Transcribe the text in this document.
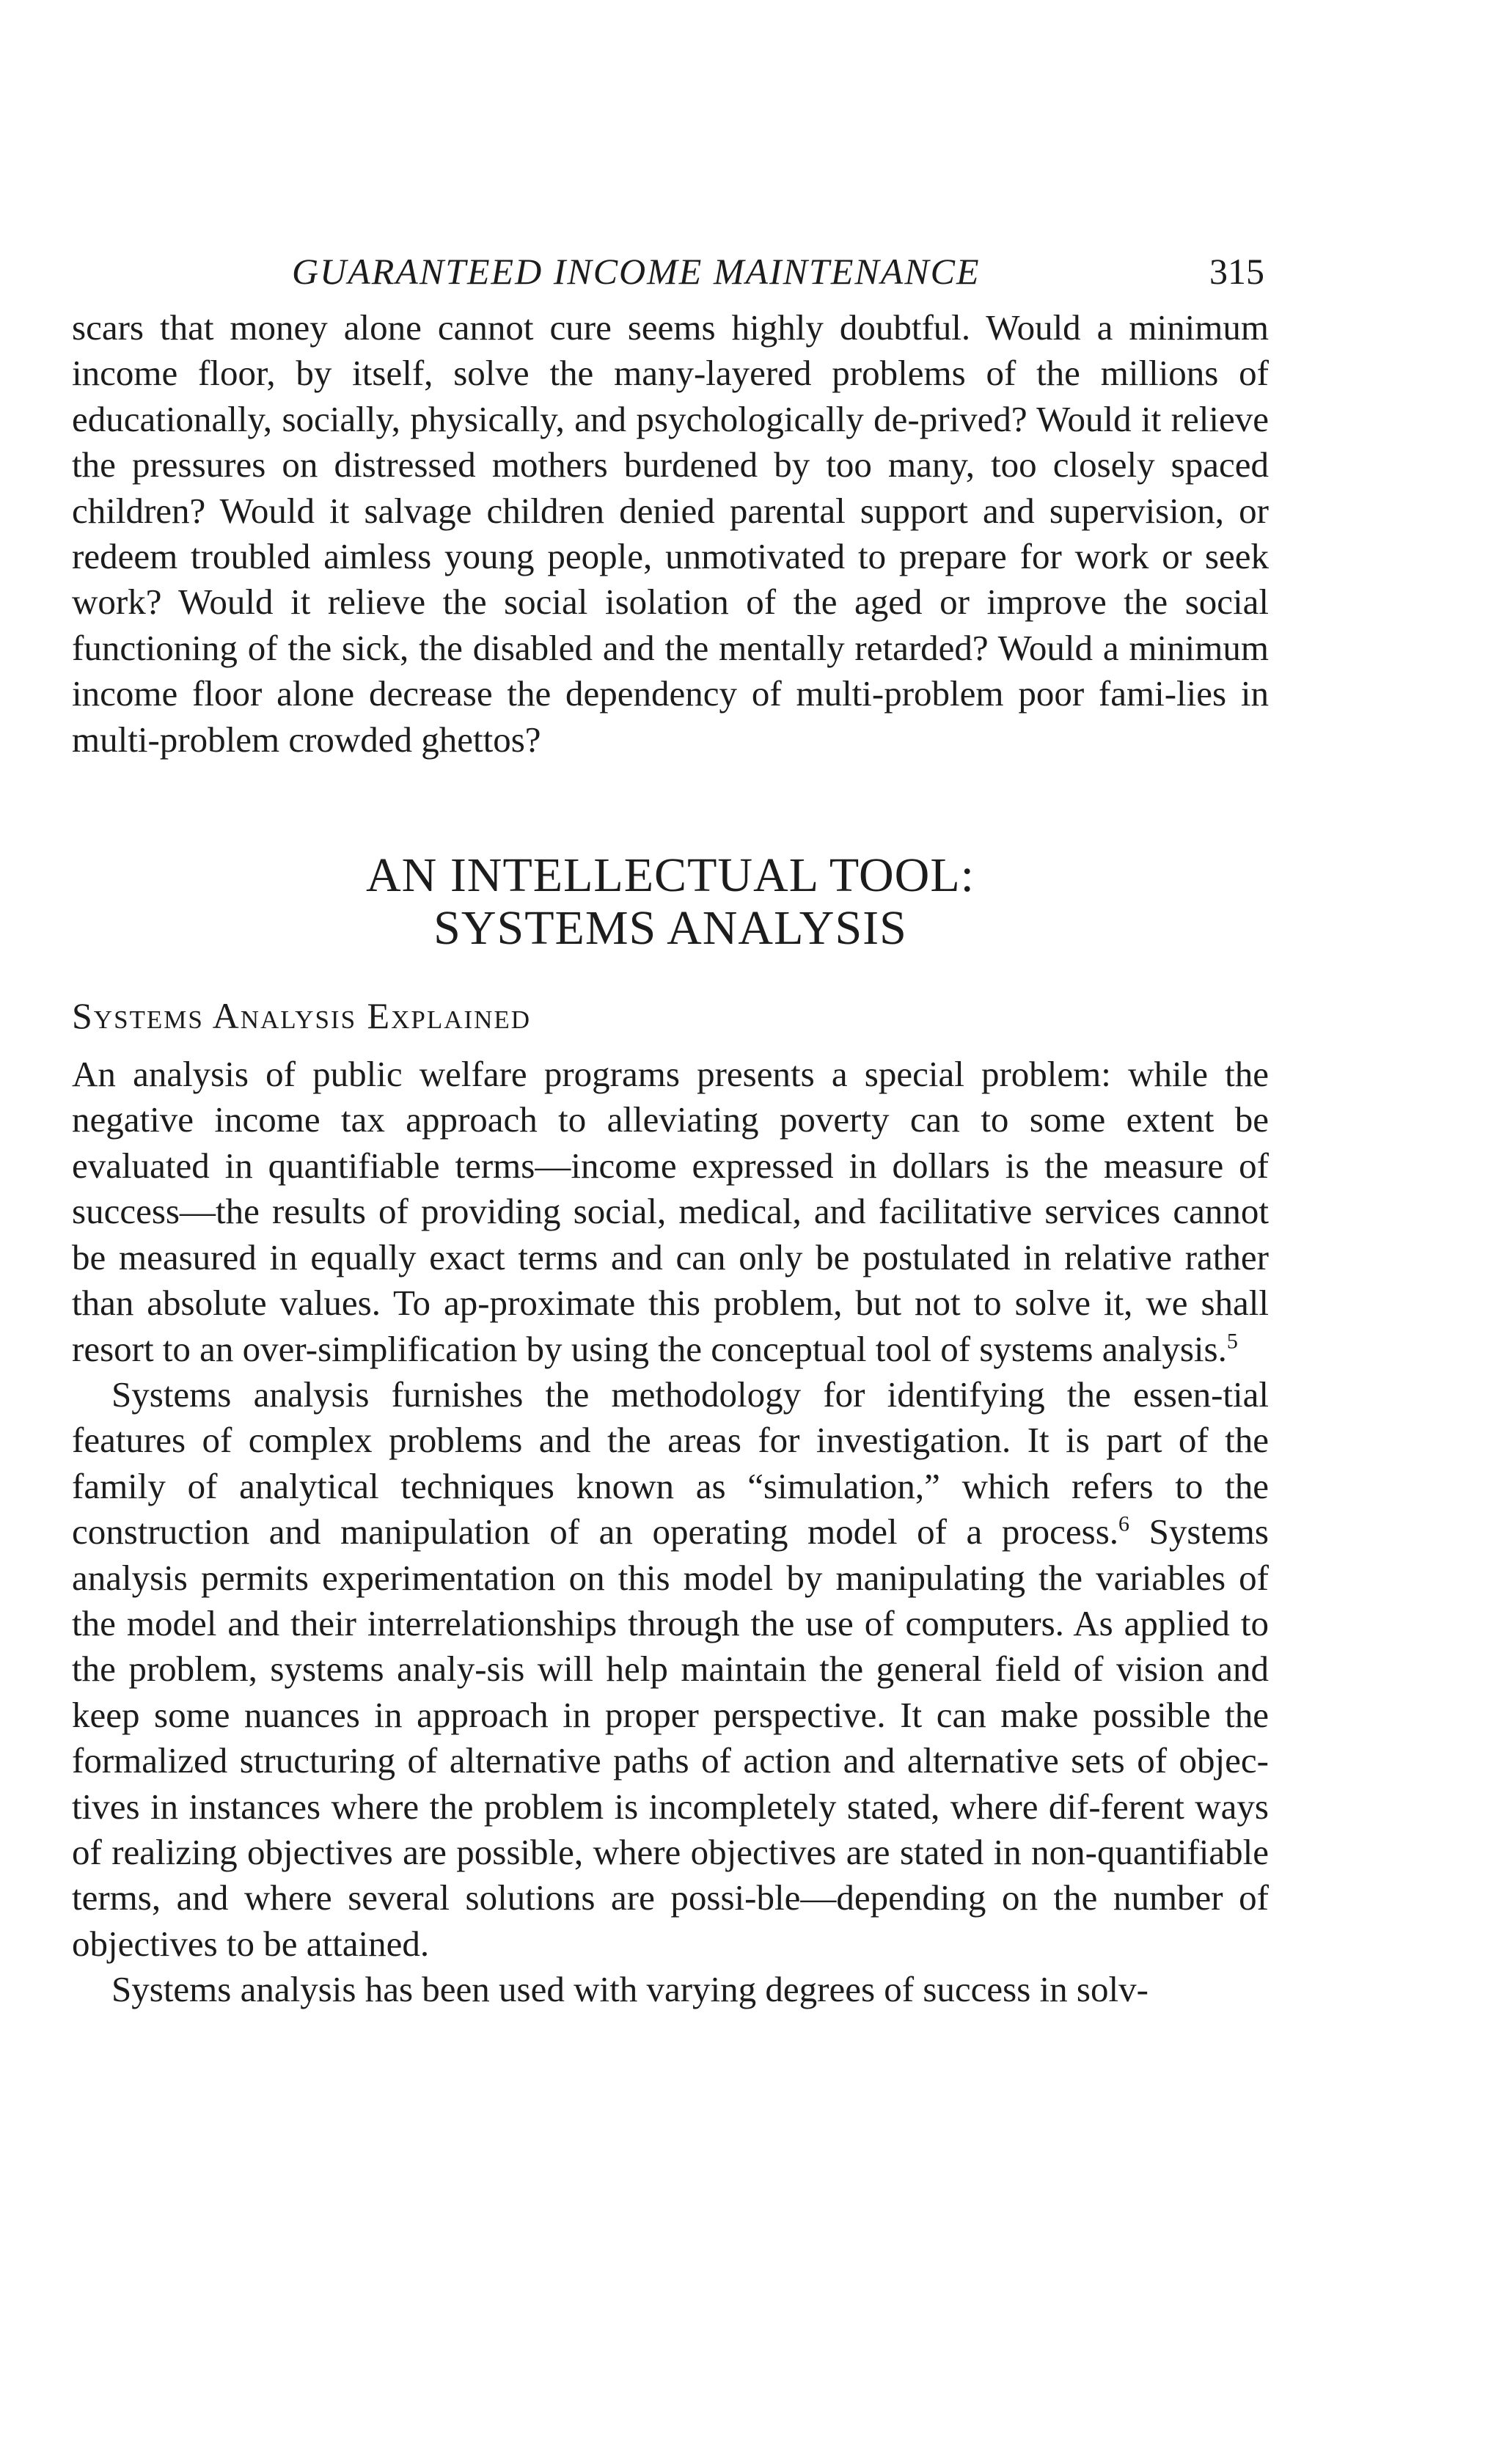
GUARANTEED INCOME MAINTENANCE	315

scars that money alone cannot cure seems highly doubtful. Would a minimum income floor, by itself, solve the many-layered problems of the millions of educationally, socially, physically, and psychologically de-prived? Would it relieve the pressures on distressed mothers burdened by too many, too closely spaced children? Would it salvage children denied parental support and supervision, or redeem troubled aimless young people, unmotivated to prepare for work or seek work? Would it relieve the social isolation of the aged or improve the social functioning of the sick, the disabled and the mentally retarded? Would a minimum income floor alone decrease the dependency of multi-problem poor fami-lies in multi-problem crowded ghettos?

AN INTELLECTUAL TOOL:
SYSTEMS ANALYSIS
Systems Analysis Explained

An analysis of public welfare programs presents a special problem: while the negative income tax approach to alleviating poverty can to some extent be evaluated in quantifiable terms—income expressed in dollars is the measure of success—the results of providing social, medical, and facilitative services cannot be measured in equally exact terms and can only be postulated in relative rather than absolute values. To ap-proximate this problem, but not to solve it, we shall resort to an over-simplification by using the conceptual tool of systems analysis.$^5$

Systems analysis furnishes the methodology for identifying the essen-tial features of complex problems and the areas for investigation. It is part of the family of analytical techniques known as “simulation,” which refers to the construction and manipulation of an operating model of a process.$^6$ Systems analysis permits experimentation on this model by manipulating the variables of the model and their interrelationships through the use of computers. As applied to the problem, systems analy-sis will help maintain the general field of vision and keep some nuances in approach in proper perspective. It can make possible the formalized structuring of alternative paths of action and alternative sets of objec-tives in instances where the problem is incompletely stated, where dif-ferent ways of realizing objectives are possible, where objectives are stated in non-quantifiable terms, and where several solutions are possi-ble—depending on the number of objectives to be attained.

Systems analysis has been used with varying degrees of success in solv-
